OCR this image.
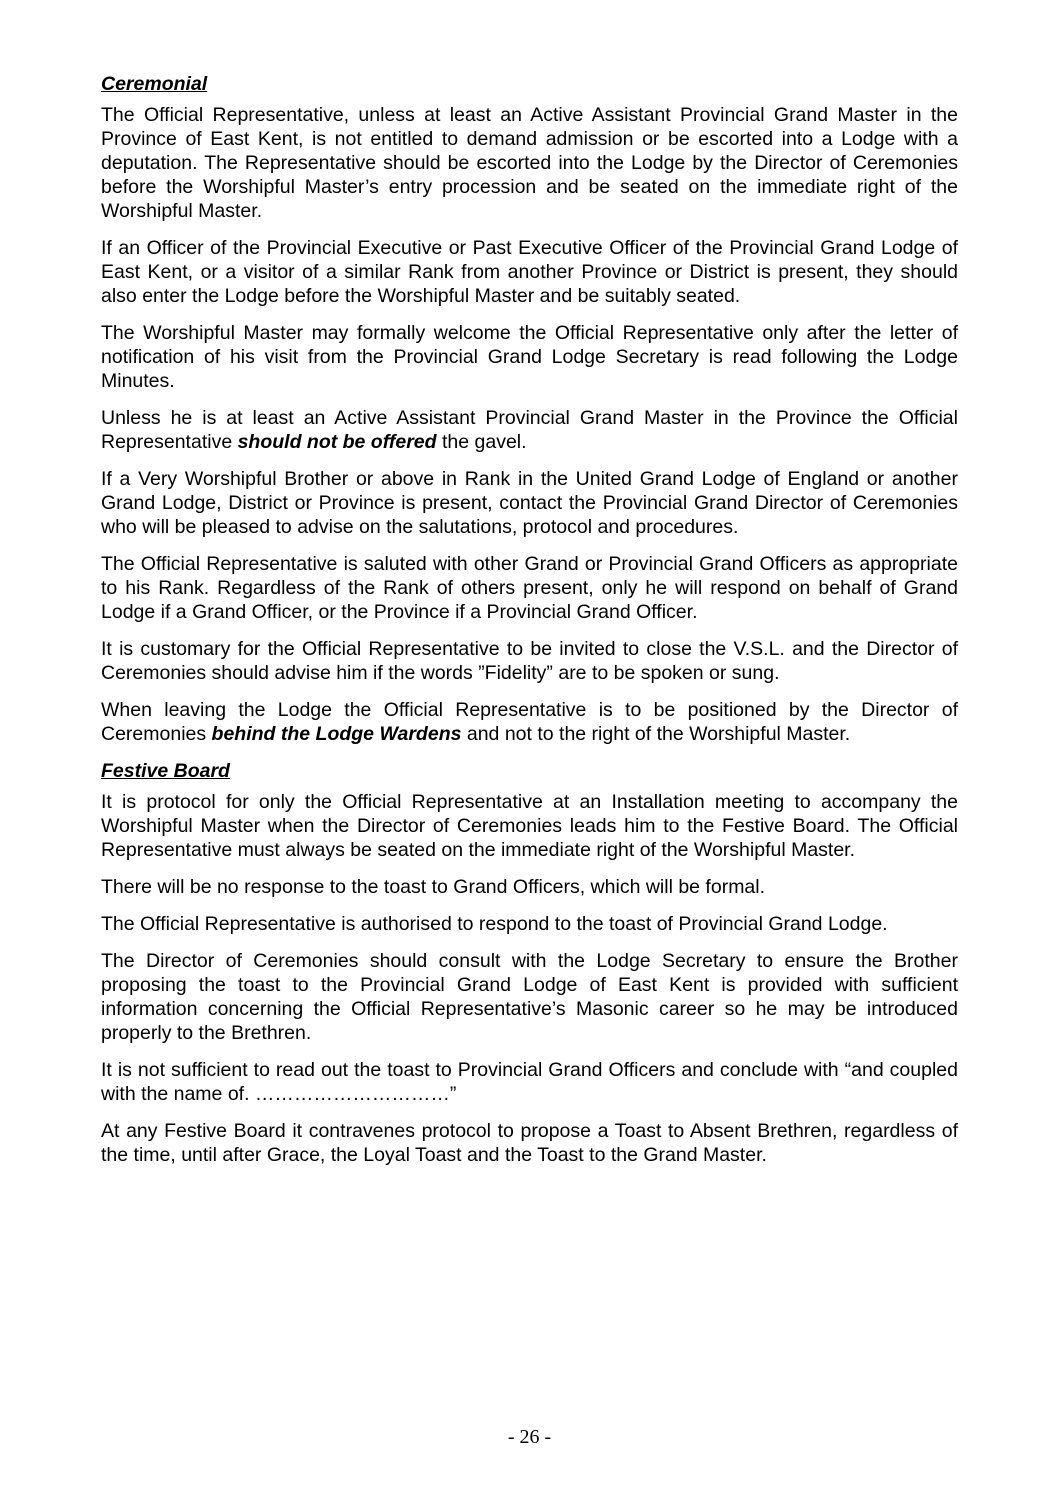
Ceremonial

The Official Representative, unless at least an Active Assistant Provincial Grand Master in the Province of East Kent, is not entitled to demand admission or be escorted into a Lodge with a deputation. The Representative should be escorted into the Lodge by the Director of Ceremonies before the Worshipful Master’s entry procession and be seated on the immediate right of the Worshipful Master.

If an Officer of the Provincial Executive or Past Executive Officer of the Provincial Grand Lodge of East Kent, or a visitor of a similar Rank from another Province or District is present, they should also enter the Lodge before the Worshipful Master and be suitably seated.

The Worshipful Master may formally welcome the Official Representative only after the letter of notification of his visit from the Provincial Grand Lodge Secretary is read following the Lodge Minutes.

Unless he is at least an Active Assistant Provincial Grand Master in the Province the Official Representative should not be offered the gavel.

If a Very Worshipful Brother or above in Rank in the United Grand Lodge of England or another Grand Lodge, District or Province is present, contact the Provincial Grand Director of Ceremonies who will be pleased to advise on the salutations, protocol and procedures.

The Official Representative is saluted with other Grand or Provincial Grand Officers as appropriate to his Rank. Regardless of the Rank of others present, only he will respond on behalf of Grand Lodge if a Grand Officer, or the Province if a Provincial Grand Officer.

It is customary for the Official Representative to be invited to close the V.S.L. and the Director of Ceremonies should advise him if the words ”Fidelity” are to be spoken or sung.

When leaving the Lodge the Official Representative is to be positioned by the Director of Ceremonies behind the Lodge Wardens and not to the right of the Worshipful Master.

Festive Board

It is protocol for only the Official Representative at an Installation meeting to accompany the Worshipful Master when the Director of Ceremonies leads him to the Festive Board. The Official Representative must always be seated on the immediate right of the Worshipful Master.

There will be no response to the toast to Grand Officers, which will be formal.

The Official Representative is authorised to respond to the toast of Provincial Grand Lodge.

The Director of Ceremonies should consult with the Lodge Secretary to ensure the Brother proposing the toast to the Provincial Grand Lodge of East Kent is provided with sufficient information concerning the Official Representative’s Masonic career so he may be introduced properly to the Brethren.

It is not sufficient to read out the toast to Provincial Grand Officers and conclude with “and coupled with the name of. …………………………”

At any Festive Board it contravenes protocol to propose a Toast to Absent Brethren, regardless of the time, until after Grace, the Loyal Toast and the Toast to the Grand Master.

- 26 -
